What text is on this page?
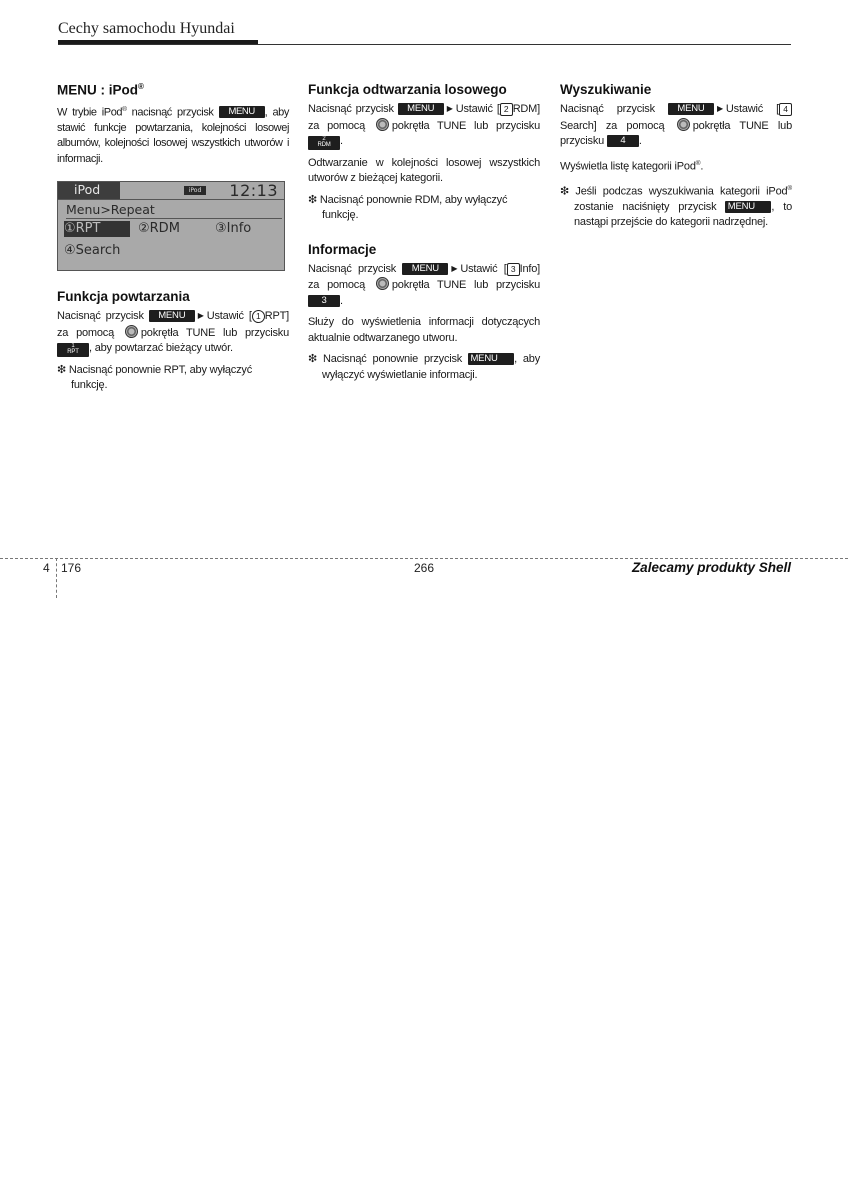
Cechy samochodu Hyundai
MENU : iPod®

W trybie iPod® nacisnąć przycisk MENU , aby stawić funkcje powtarzania, kolejności losowej albumów, kolejności losowej wszystkich utworów i informacji.

iPod	iPod 12:13
Menu>Repeat
①RPT	②RDM	③Info
④Search
Funkcja powtarzania

Nacisnąć przycisk MENU ▶ Ustawić [ 1 RPT] za pomocą pokrętła TUNE lub przycisku 1
RPT , aby powtarzać bieżący utwór.

❇ Nacisnąć ponownie RPT, aby wyłączyć funkcję.

Funkcja odtwarzania losowego

Nacisnąć przycisk MENU ▶ Ustawić [ 2 RDM] za pomocą pokrętła TUNE lub przycisku 2
RDM .

Odtwarzanie w kolejności losowej wszystkich utworów z bieżącej kategorii.

❇ Nacisnąć ponownie RDM, aby wyłączyć funkcję.

Informacje

Nacisnąć przycisk MENU ▶ Ustawić [ 3 Info] za pomocą pokrętła TUNE lub przycisku 3 .

Służy do wyświetlenia informacji dotyczących aktualnie odtwarzanego utworu.

❇ Nacisnąć ponownie przycisk MENU , aby wyłączyć wyświetlanie informacji.

Wyszukiwanie

Nacisnąć przycisk MENU ▶ Ustawić [ 4Search] za pomocą pokrętła TUNE lub przycisku 4 .

Wyświetla listę kategorii iPod®.

❇ Jeśli podczas wyszukiwania kategorii iPod® zostanie naciśnięty przycisk MENU , to nastąpi przejście do kategorii nadrzędnej.

4 176	266	Zalecamy produkty Shell
